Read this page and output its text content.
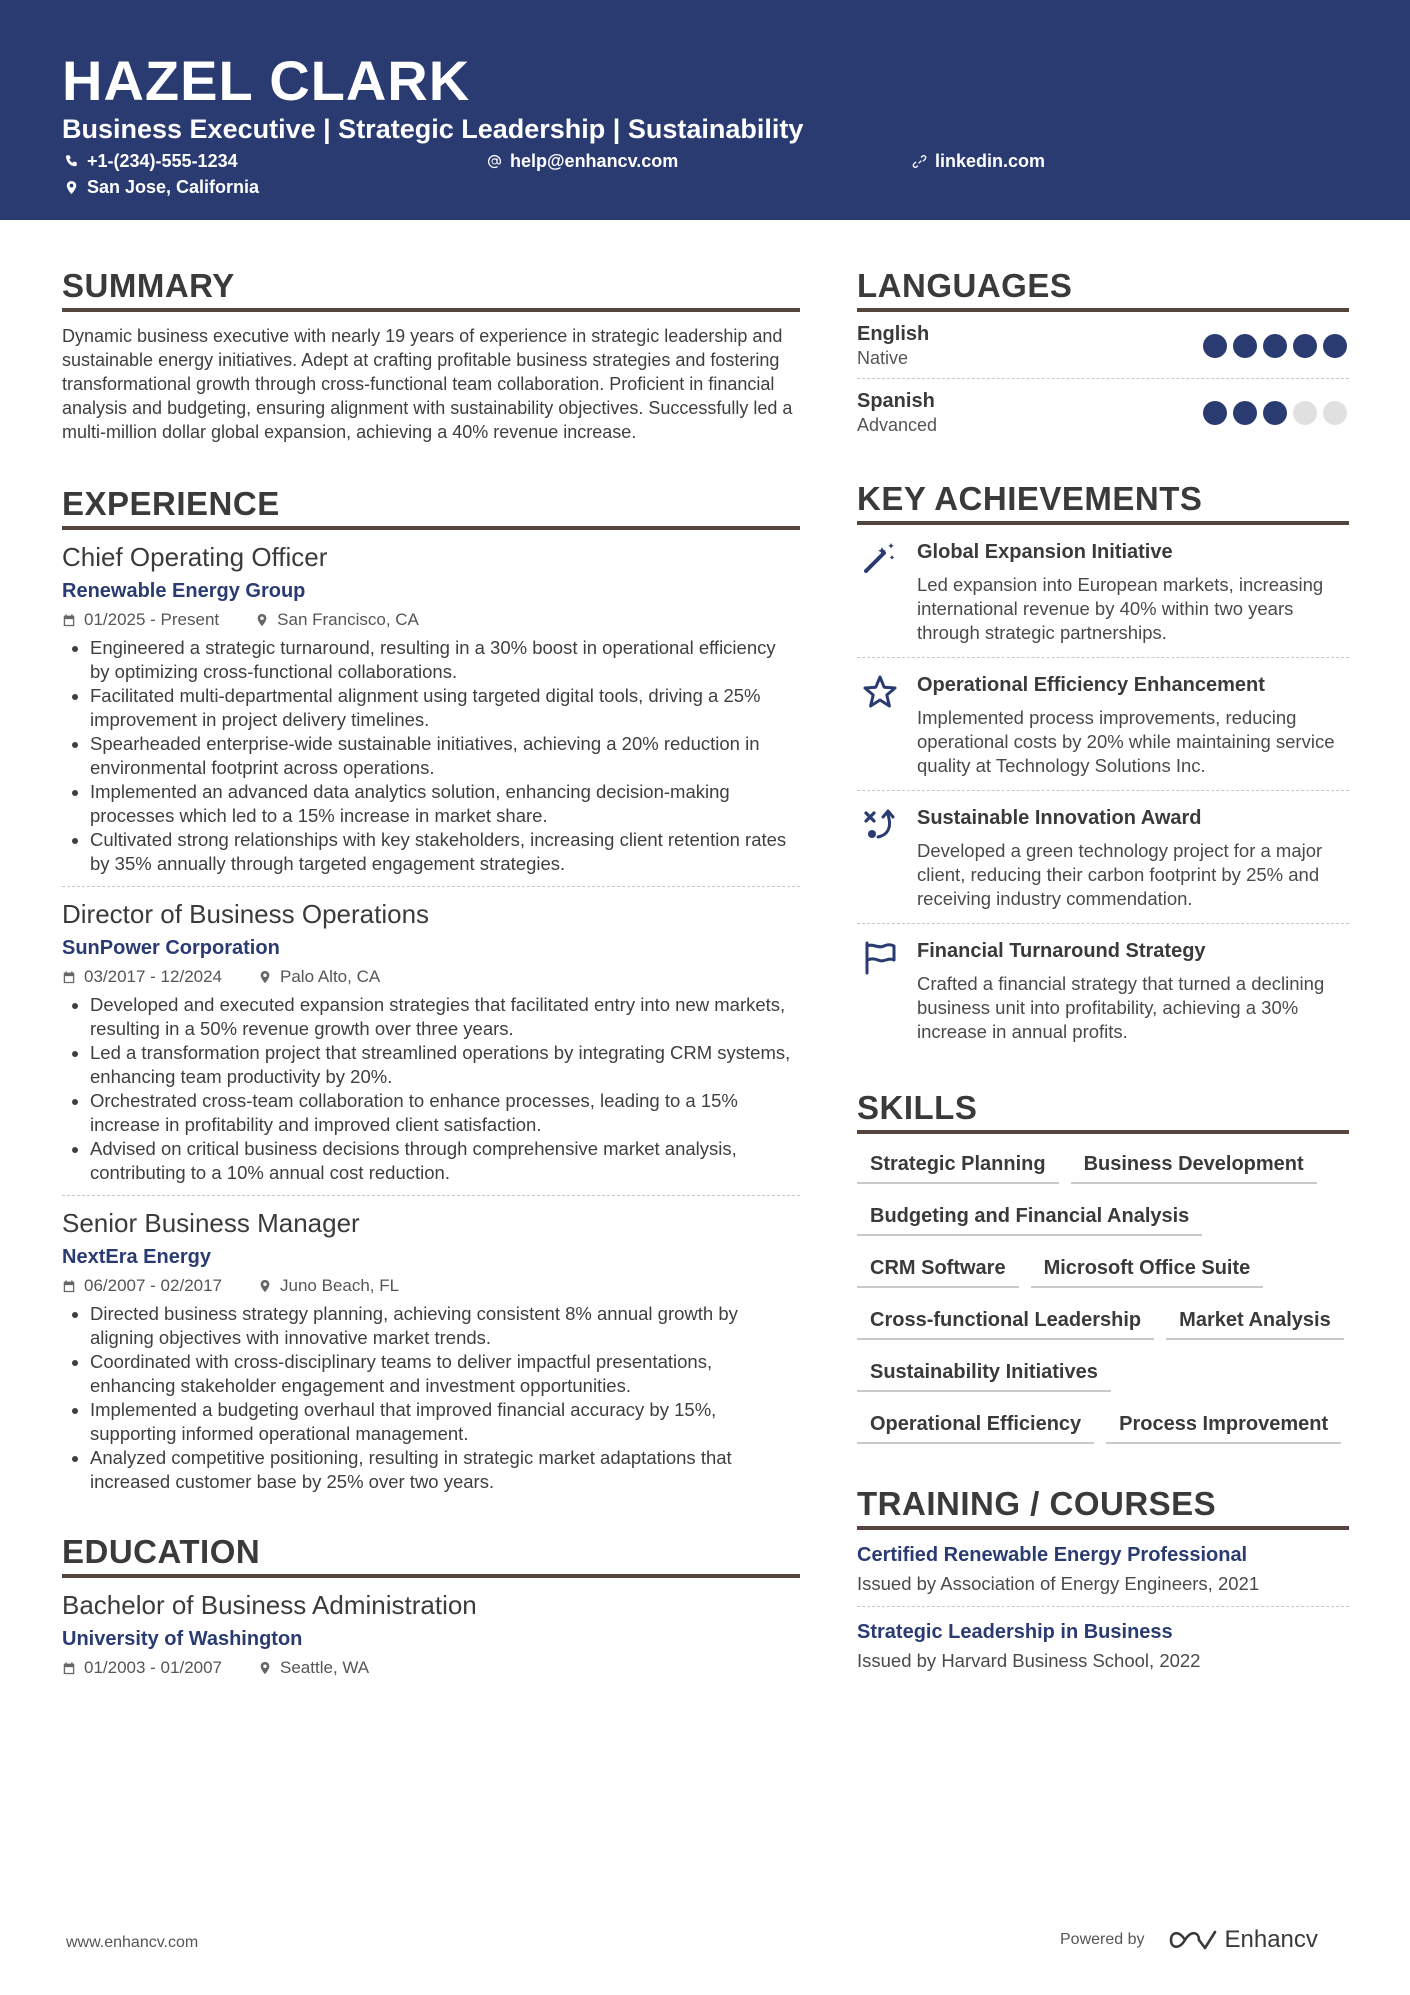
HAZEL CLARK
Business Executive | Strategic Leadership | Sustainability
+1-(234)-555-1234	help@enhancv.com	linkedin.com
San Jose, California
SUMMARY
Dynamic business executive with nearly 19 years of experience in strategic leadership and sustainable energy initiatives. Adept at crafting profitable business strategies and fostering transformational growth through cross-functional team collaboration. Proficient in financial analysis and budgeting, ensuring alignment with sustainability objectives. Successfully led a multi-million dollar global expansion, achieving a 40% revenue increase.
EXPERIENCE
Chief Operating Officer
Renewable Energy Group
01/2025 - Present	San Francisco, CA
• Engineered a strategic turnaround, resulting in a 30% boost in operational efficiency by optimizing cross-functional collaborations.
• Facilitated multi-departmental alignment using targeted digital tools, driving a 25% improvement in project delivery timelines.
• Spearheaded enterprise-wide sustainable initiatives, achieving a 20% reduction in environmental footprint across operations.
• Implemented an advanced data analytics solution, enhancing decision-making processes which led to a 15% increase in market share.
• Cultivated strong relationships with key stakeholders, increasing client retention rates by 35% annually through targeted engagement strategies.
Director of Business Operations
SunPower Corporation
03/2017 - 12/2024	Palo Alto, CA
• Developed and executed expansion strategies that facilitated entry into new markets, resulting in a 50% revenue growth over three years.
• Led a transformation project that streamlined operations by integrating CRM systems, enhancing team productivity by 20%.
• Orchestrated cross-team collaboration to enhance processes, leading to a 15% increase in profitability and improved client satisfaction.
• Advised on critical business decisions through comprehensive market analysis, contributing to a 10% annual cost reduction.
Senior Business Manager
NextEra Energy
06/2007 - 02/2017	Juno Beach, FL
• Directed business strategy planning, achieving consistent 8% annual growth by aligning objectives with innovative market trends.
• Coordinated with cross-disciplinary teams to deliver impactful presentations, enhancing stakeholder engagement and investment opportunities.
• Implemented a budgeting overhaul that improved financial accuracy by 15%, supporting informed operational management.
• Analyzed competitive positioning, resulting in strategic market adaptations that increased customer base by 25% over two years.
EDUCATION
Bachelor of Business Administration
University of Washington
01/2003 - 01/2007	Seattle, WA
LANGUAGES
English
Native
Spanish
Advanced
KEY ACHIEVEMENTS
Global Expansion Initiative
Led expansion into European markets, increasing international revenue by 40% within two years through strategic partnerships.
Operational Efficiency Enhancement
Implemented process improvements, reducing operational costs by 20% while maintaining service quality at Technology Solutions Inc.
Sustainable Innovation Award
Developed a green technology project for a major client, reducing their carbon footprint by 25% and receiving industry commendation.
Financial Turnaround Strategy
Crafted a financial strategy that turned a declining business unit into profitability, achieving a 30% increase in annual profits.
SKILLS
Strategic Planning	Business Development
Budgeting and Financial Analysis
CRM Software	Microsoft Office Suite
Cross-functional Leadership	Market Analysis
Sustainability Initiatives
Operational Efficiency	Process Improvement
TRAINING / COURSES
Certified Renewable Energy Professional
Issued by Association of Energy Engineers, 2021
Strategic Leadership in Business
Issued by Harvard Business School, 2022
www.enhancv.com	Powered by	Enhancv
